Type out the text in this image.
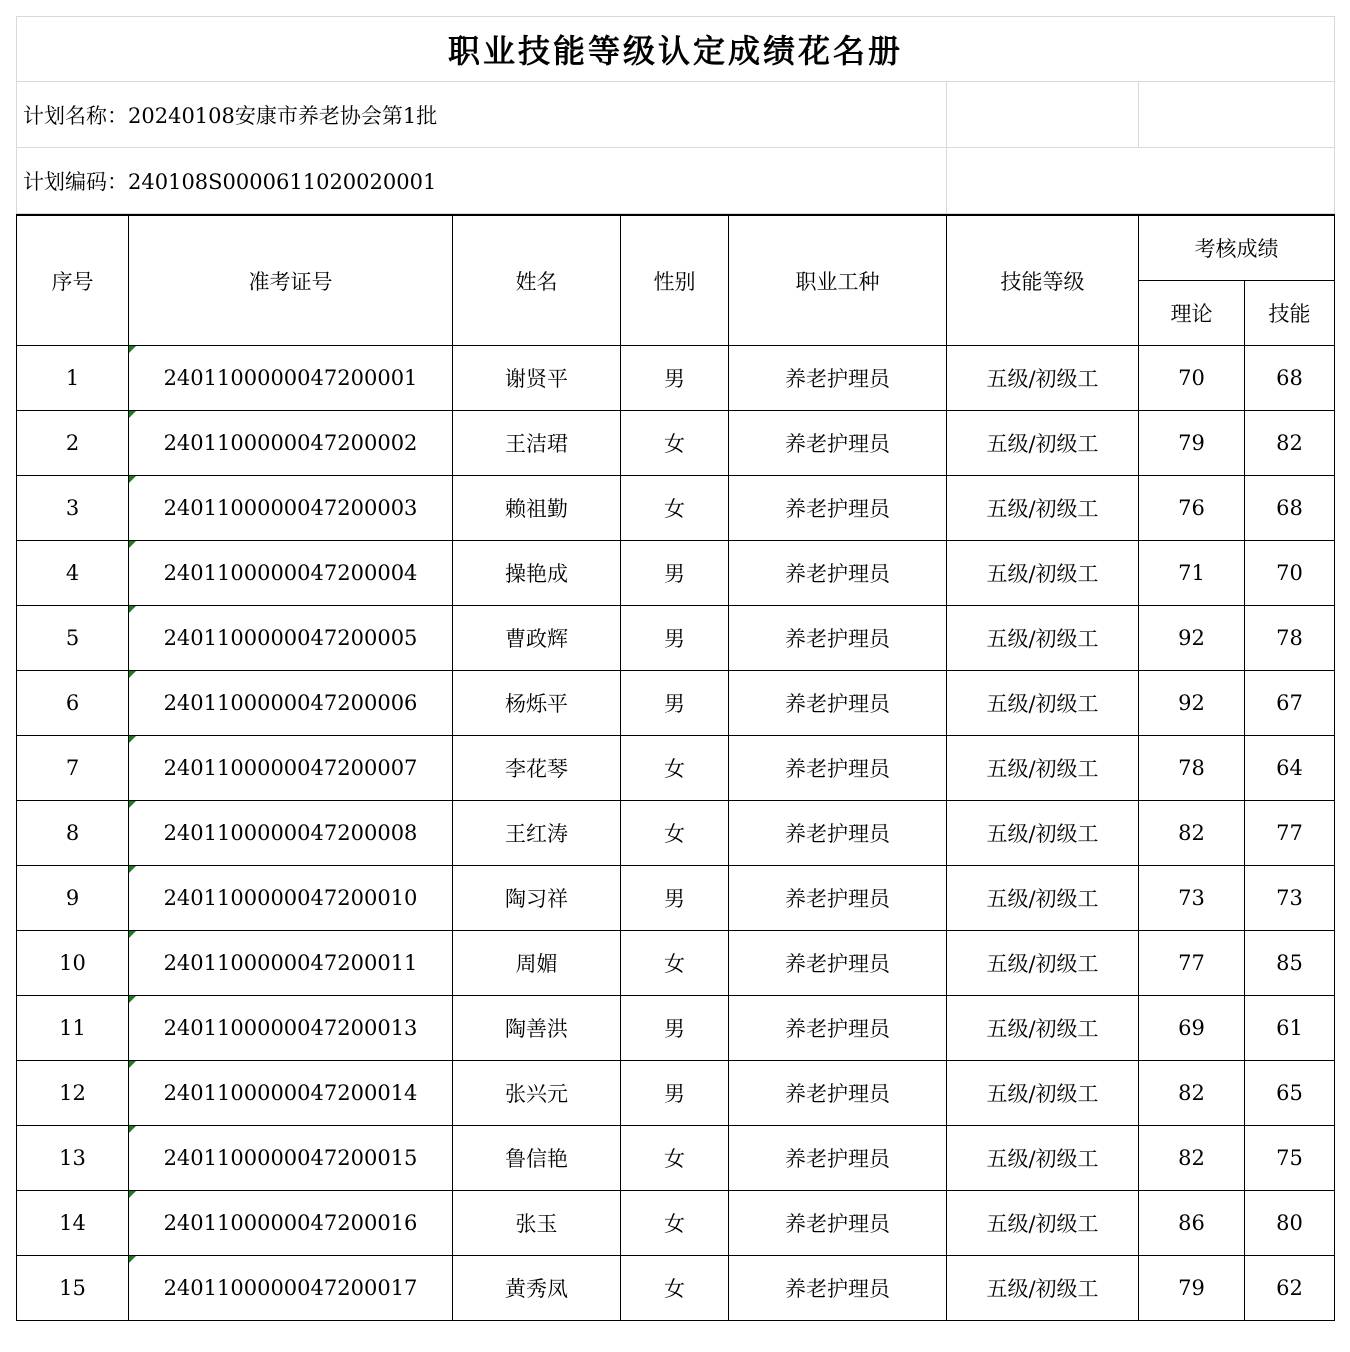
职业技能等级认定成绩花名册		
计划名称：20240108安康市养老协会第1批		
计划编码：240108S0000611020020001		
序号	准考证号	姓名	性别	职业工种	技能等级	考核成绩	
						理论	技能
1	2401100000047200001	谢贤平	男	养老护理员	五级/初级工	70	68
2	2401100000047200002	王洁珺	女	养老护理员	五级/初级工	79	82
3	2401100000047200003	赖祖勤	女	养老护理员	五级/初级工	76	68
4	2401100000047200004	操艳成	男	养老护理员	五级/初级工	71	70
5	2401100000047200005	曹政辉	男	养老护理员	五级/初级工	92	78
6	2401100000047200006	杨烁平	男	养老护理员	五级/初级工	92	67
7	2401100000047200007	李花琴	女	养老护理员	五级/初级工	78	64
8	2401100000047200008	王红涛	女	养老护理员	五级/初级工	82	77
9	2401100000047200010	陶习祥	男	养老护理员	五级/初级工	73	73
10	2401100000047200011	周媚	女	养老护理员	五级/初级工	77	85
11	2401100000047200013	陶善洪	男	养老护理员	五级/初级工	69	61
12	2401100000047200014	张兴元	男	养老护理员	五级/初级工	82	65
13	2401100000047200015	鲁信艳	女	养老护理员	五级/初级工	82	75
14	2401100000047200016	张玉	女	养老护理员	五级/初级工	86	80
15	2401100000047200017	黄秀凤	女	养老护理员	五级/初级工	79	62
